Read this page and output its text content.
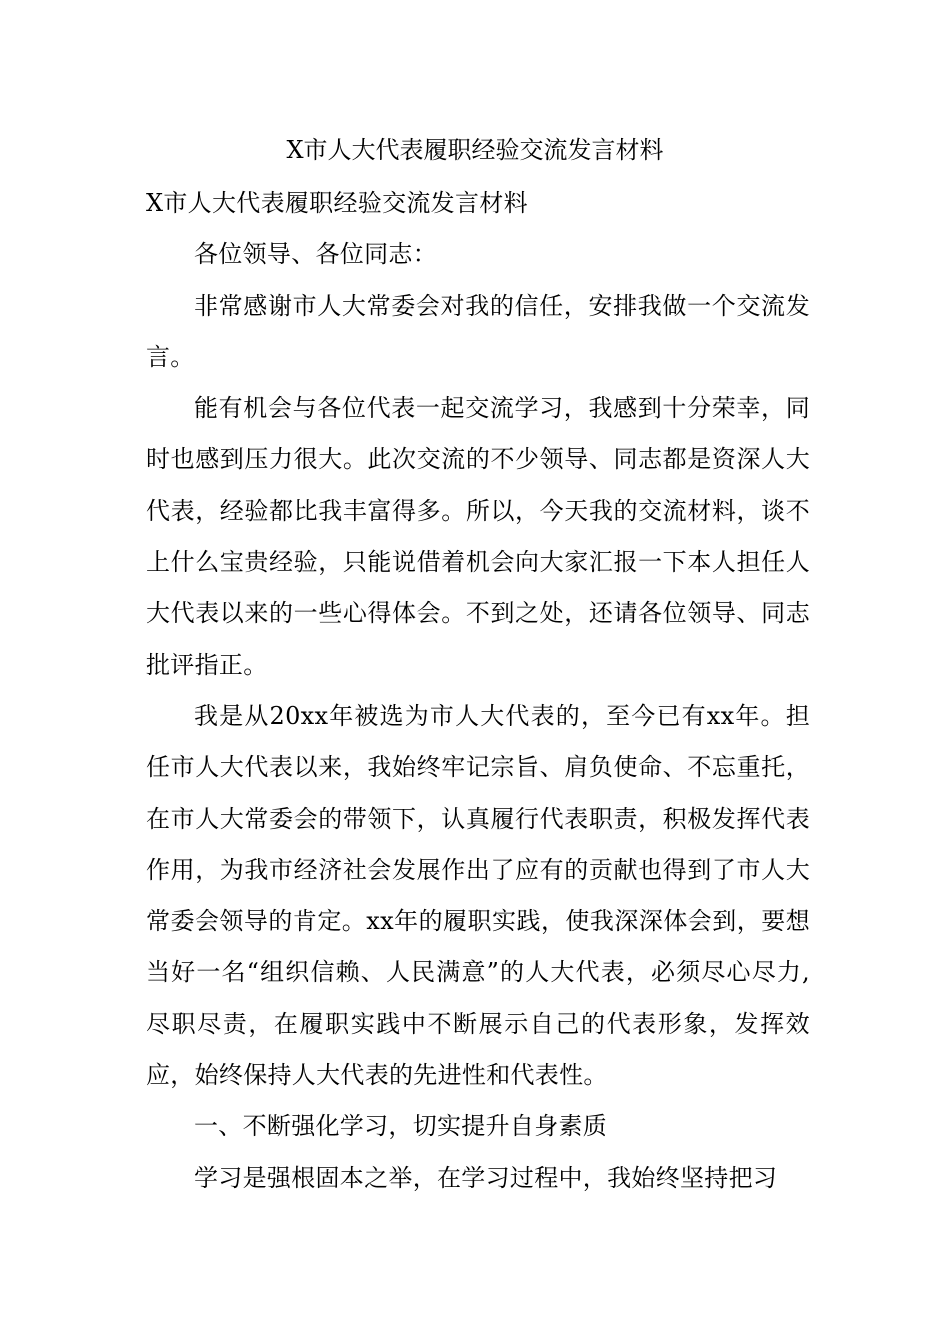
X市人大代表履职经验交流发言材料

X市人大代表履职经验交流发言材料

各位领导、各位同志：

非常感谢市人大常委会对我的信任，安排我做一个交流发言。

能有机会与各位代表一起交流学习，我感到十分荣幸，同时也感到压力很大。此次交流的不少领导、同志都是资深人大代表，经验都比我丰富得多。所以，今天我的交流材料，谈不上什么宝贵经验，只能说借着机会向大家汇报一下本人担任人大代表以来的一些心得体会。不到之处，还请各位领导、同志批评指正。

我是从20xx年被选为市人大代表的，至今已有xx年。担任市人大代表以来，我始终牢记宗旨、肩负使命、不忘重托，在市人大常委会的带领下，认真履行代表职责，积极发挥代表作用，为我市经济社会发展作出了应有的贡献也得到了市人大常委会领导的肯定。xx年的履职实践，使我深深体会到，要想当好一名“组织信赖、人民满意”的人大代表，必须尽心尽力,尽职尽责，在履职实践中不断展示自己的代表形象，发挥效应，始终保持人大代表的先进性和代表性。

一、不断强化学习，切实提升自身素质

学习是强根固本之举，在学习过程中，我始终坚持把习
